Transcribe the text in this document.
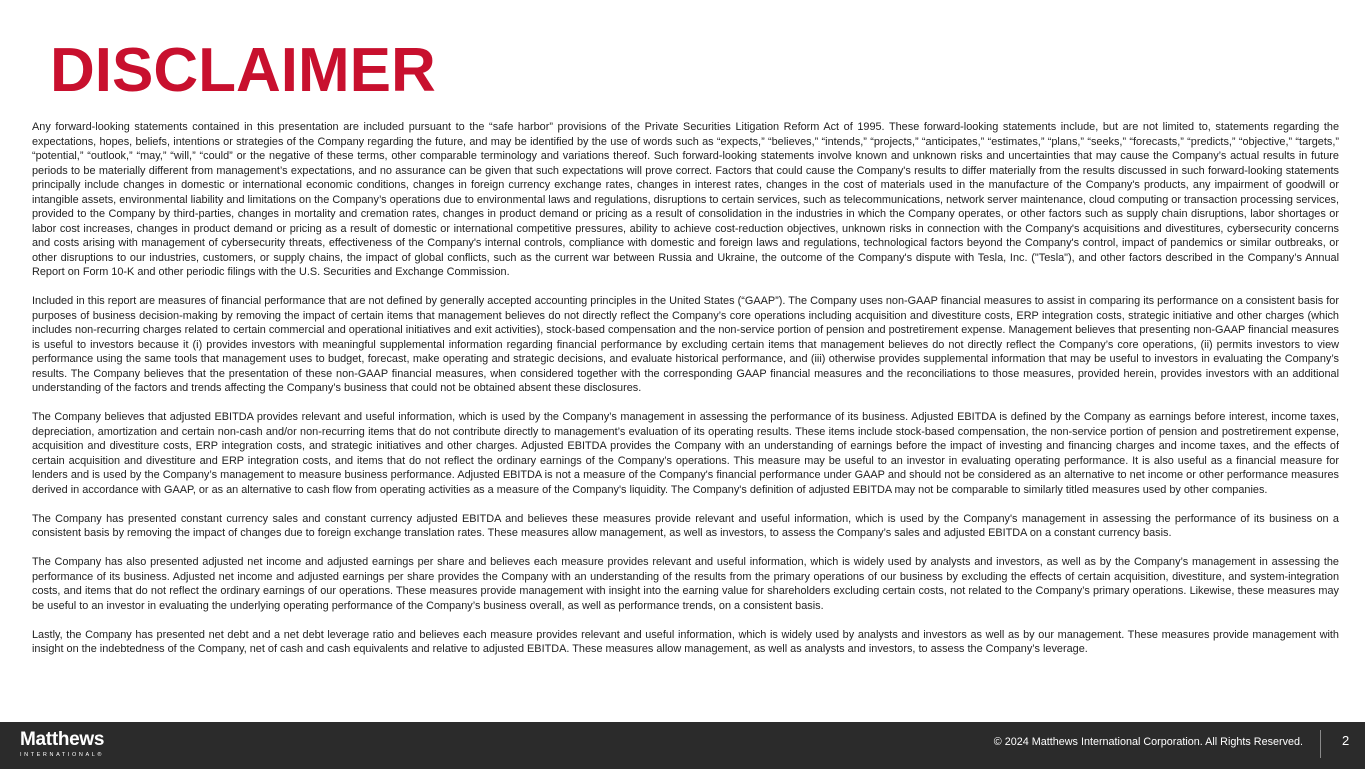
DISCLAIMER

Any forward-looking statements contained in this presentation are included pursuant to the “safe harbor” provisions of the Private Securities Litigation Reform Act of 1995. These forward-looking statements include, but are not limited to, statements regarding the expectations, hopes, beliefs, intentions or strategies of the Company regarding the future, and may be identified by the use of words such as “expects,” “believes,” “intends,” “projects,” “anticipates,” “estimates,” “plans,” “seeks,” “forecasts,” “predicts,” “objective,” “targets,” “potential,” “outlook,” “may,” “will,” “could” or the negative of these terms, other comparable terminology and variations thereof. Such forward-looking statements involve known and unknown risks and uncertainties that may cause the Company’s actual results in future periods to be materially different from management’s expectations, and no assurance can be given that such expectations will prove correct. Factors that could cause the Company's results to differ materially from the results discussed in such forward-looking statements principally include changes in domestic or international economic conditions, changes in foreign currency exchange rates, changes in interest rates, changes in the cost of materials used in the manufacture of the Company's products, any impairment of goodwill or intangible assets, environmental liability and limitations on the Company’s operations due to environmental laws and regulations, disruptions to certain services, such as telecommunications, network server maintenance, cloud computing or transaction processing services, provided to the Company by third-parties, changes in mortality and cremation rates, changes in product demand or pricing as a result of consolidation in the industries in which the Company operates, or other factors such as supply chain disruptions, labor shortages or labor cost increases, changes in product demand or pricing as a result of domestic or international competitive pressures, ability to achieve cost-reduction objectives, unknown risks in connection with the Company's acquisitions and divestitures, cybersecurity concerns and costs arising with management of cybersecurity threats, effectiveness of the Company's internal controls, compliance with domestic and foreign laws and regulations, technological factors beyond the Company's control, impact of pandemics or similar outbreaks, or other disruptions to our industries, customers, or supply chains, the impact of global conflicts, such as the current war between Russia and Ukraine, the outcome of the Company's dispute with Tesla, Inc. ("Tesla"), and other factors described in the Company’s Annual Report on Form 10-K and other periodic filings with the U.S. Securities and Exchange Commission.

Included in this report are measures of financial performance that are not defined by generally accepted accounting principles in the United States (“GAAP”). The Company uses non-GAAP financial measures to assist in comparing its performance on a consistent basis for purposes of business decision-making by removing the impact of certain items that management believes do not directly reflect the Company’s core operations including acquisition and divestiture costs, ERP integration costs, strategic initiative and other charges (which includes non-recurring charges related to certain commercial and operational initiatives and exit activities), stock-based compensation and the non-service portion of pension and postretirement expense. Management believes that presenting non-GAAP financial measures is useful to investors because it (i) provides investors with meaningful supplemental information regarding financial performance by excluding certain items that management believes do not directly reflect the Company’s core operations, (ii) permits investors to view performance using the same tools that management uses to budget, forecast, make operating and strategic decisions, and evaluate historical performance, and (iii) otherwise provides supplemental information that may be useful to investors in evaluating the Company’s results. The Company believes that the presentation of these non-GAAP financial measures, when considered together with the corresponding GAAP financial measures and the reconciliations to those measures, provided herein, provides investors with an additional understanding of the factors and trends affecting the Company’s business that could not be obtained absent these disclosures.

The Company believes that adjusted EBITDA provides relevant and useful information, which is used by the Company’s management in assessing the performance of its business. Adjusted EBITDA is defined by the Company as earnings before interest, income taxes, depreciation, amortization and certain non-cash and/or non-recurring items that do not contribute directly to management’s evaluation of its operating results. These items include stock-based compensation, the non-service portion of pension and postretirement expense, acquisition and divestiture costs, ERP integration costs, and strategic initiatives and other charges. Adjusted EBITDA provides the Company with an understanding of earnings before the impact of investing and financing charges and income taxes, and the effects of certain acquisition and divestiture and ERP integration costs, and items that do not reflect the ordinary earnings of the Company’s operations. This measure may be useful to an investor in evaluating operating performance. It is also useful as a financial measure for lenders and is used by the Company’s management to measure business performance. Adjusted EBITDA is not a measure of the Company's financial performance under GAAP and should not be considered as an alternative to net income or other performance measures derived in accordance with GAAP, or as an alternative to cash flow from operating activities as a measure of the Company's liquidity. The Company's definition of adjusted EBITDA may not be comparable to similarly titled measures used by other companies.

The Company has presented constant currency sales and constant currency adjusted EBITDA and believes these measures provide relevant and useful information, which is used by the Company's management in assessing the performance of its business on a consistent basis by removing the impact of changes due to foreign exchange translation rates. These measures allow management, as well as investors, to assess the Company’s sales and adjusted EBITDA on a constant currency basis.

The Company has also presented adjusted net income and adjusted earnings per share and believes each measure provides relevant and useful information, which is widely used by analysts and investors, as well as by the Company’s management in assessing the performance of its business. Adjusted net income and adjusted earnings per share provides the Company with an understanding of the results from the primary operations of our business by excluding the effects of certain acquisition, divestiture, and system-integration costs, and items that do not reflect the ordinary earnings of our operations. These measures provide management with insight into the earning value for shareholders excluding certain costs, not related to the Company’s primary operations. Likewise, these measures may be useful to an investor in evaluating the underlying operating performance of the Company’s business overall, as well as performance trends, on a consistent basis.

Lastly, the Company has presented net debt and a net debt leverage ratio and believes each measure provides relevant and useful information, which is widely used by analysts and investors as well as by our management. These measures provide management with insight on the indebtedness of the Company, net of cash and cash equivalents and relative to adjusted EBITDA. These measures allow management, as well as analysts and investors, to assess the Company’s leverage.

Matthews
INTERNATIONAL®
© 2024 Matthews International Corporation. All Rights Reserved.	2
